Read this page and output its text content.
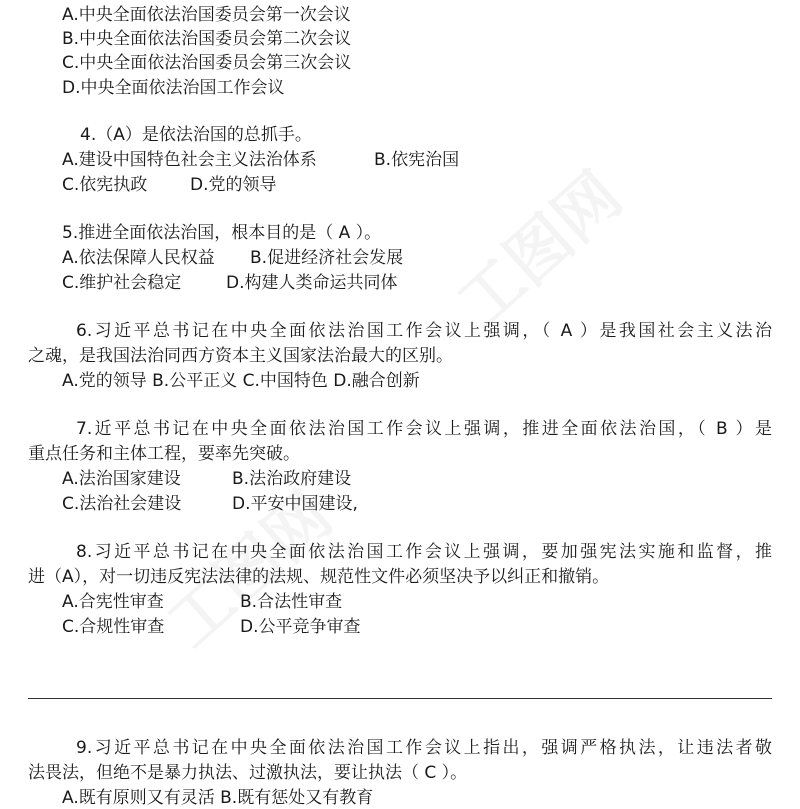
A.中央全面依法治国委员会第一次会议
B.中央全面依法治国委员会第二次会议
C.中央全面依法治国委员会第三次会议
D.中央全面依法治国工作会议
4.（A）是依法治国的总抓手。
A.建设中国特色社会主义法治体系	B.依宪治国
C.依宪执政	D.党的领导
5.推进全面依法治国，根本目的是（ A ）。
A.依法保障人民权益 B.促进经济社会发展
C.维护社会稳定	D.构建人类命运共同体
6.习近平总书记在中央全面依法治国工作会议上强调，（ A ）是我国社会主义法治
之魂，是我国法治同西方资本主义国家法治最大的区别。
A.党的领导 B.公平正义 C.中国特色 D.融合创新
7.近平总书记在中央全面依法治国工作会议上强调，推进全面依法治国，（ B ）是
重点任务和主体工程，要率先突破。
A.法治国家建设	B.法治政府建设
C.法治社会建设	D.平安中国建设,
8.习近平总书记在中央全面依法治国工作会议上强调，要加强宪法实施和监督，推
进（A），对一切违反宪法法律的法规、规范性文件必须坚决予以纠正和撤销。
A.合宪性审查	B.合法性审查
C.合规性审查	D.公平竞争审查
9.习近平总书记在中央全面依法治国工作会议上指出，强调严格执法，让违法者敬
法畏法，但绝不是暴力执法、过激执法，要让执法（ C ）。
A.既有原则又有灵活 B.既有惩处又有教育
